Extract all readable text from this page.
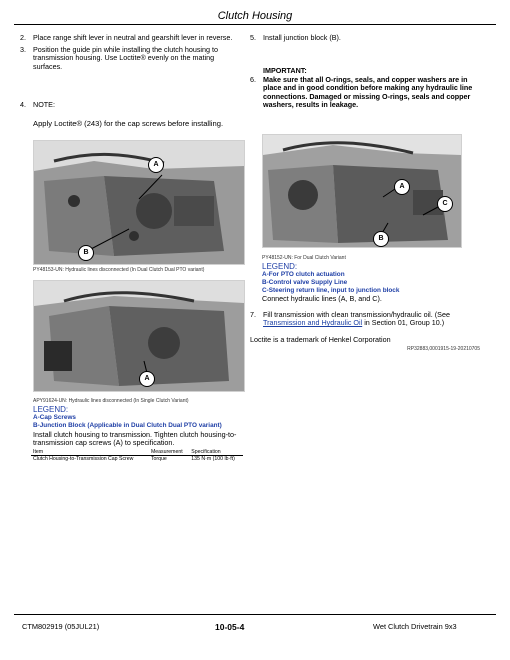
Clutch Housing
2. Place range shift lever in neutral and gearshift lever in reverse.
3. Position the guide pin while installing the clutch housing to transmission housing. Use Loctite® evenly on the mating surfaces.
4. NOTE:
Apply Loctite® (243) for the cap screws before installing.
A
B
PY48153-UN: Hydraulic lines disconnected (In Dual Clutch Dual PTO variant)
A
APY91624-UN: Hydraulic lines disconnected (In Single Clutch Variant)
LEGEND:
A-Cap Screws
B-Junction Block (Applicable in Dual Clutch Dual PTO variant)
Install clutch housing to transmission. Tighten clutch housing-to-transmission cap screws (A) to specification.
Item	Measurement	Specification
Clutch Housing-to-Transmission Cap Screw	Torque	135 N·m (100 lb·ft)
5. Install junction block (B).
IMPORTANT:
6. Make sure that all O-rings, seals, and copper washers are in place and in good condition before making any hydraulic line connections. Damaged or missing O-rings, seals and copper washers, results in leakage.
A
B
C
PY48152-UN: For Dual Clutch Variant
LEGEND:
A-For PTO clutch actuation
B-Control valve Supply Line
C-Steering return line, input to junction block
Connect hydraulic lines (A, B, and C).
7. Fill transmission with clean transmission/hydraulic oil. (See Transmission and Hydraulic Oil in Section 01, Group 10.)
Loctite is a trademark of Henkel Corporation
RP32883,0001915-19-20210705
CTM802919 (05JUL21)	10-05-4	Wet Clutch Drivetrain 9x3
